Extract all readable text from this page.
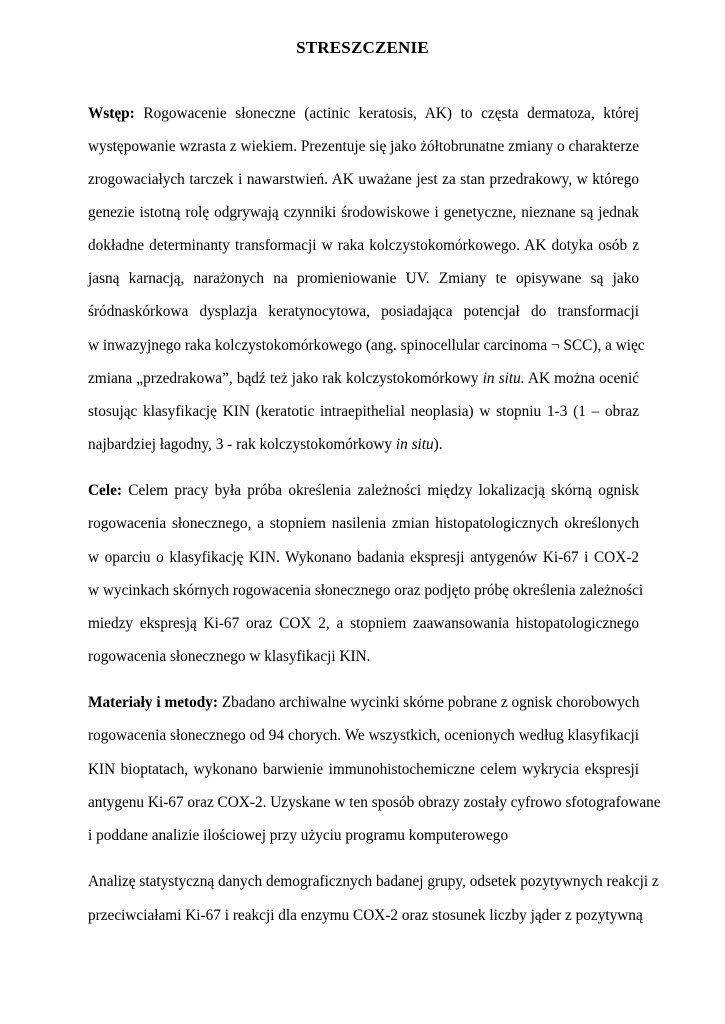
STRESZCZENIE
Wstęp: Rogowacenie słoneczne (actinic keratosis, AK) to częsta dermatoza, której
występowanie wzrasta z wiekiem. Prezentuje się jako żółtobrunatne zmiany o charakterze
zrogowaciałych tarczek i nawarstwień. AK uważane jest za stan przedrakowy, w którego
genezie istotną rolę odgrywają czynniki środowiskowe i genetyczne, nieznane są jednak
dokładne determinanty transformacji w raka kolczystokomórkowego. AK dotyka osób z
jasną karnacją, narażonych na promieniowanie UV. Zmiany te opisywane są jako
śródnaskórkowa dysplazja keratynocytowa, posiadająca potencjał do transformacji
w inwazyjnego raka kolczystokomórkowego (ang. spinocellular carcinoma ¬ SCC), a więc
zmiana „przedrakowa”, bądź też jako rak kolczystokomórkowy in situ. AK można ocenić
stosując klasyfikację KIN (keratotic intraepithelial neoplasia) w stopniu 1-3 (1 – obraz
najbardziej łagodny, 3 - rak kolczystokomórkowy in situ).
Cele: Celem pracy była próba określenia zależności między lokalizacją skórną ognisk
rogowacenia słonecznego, a stopniem nasilenia zmian histopatologicznych określonych
w oparciu o klasyfikację KIN. Wykonano badania ekspresji antygenów Ki-67 i COX-2
w wycinkach skórnych rogowacenia słonecznego oraz podjęto próbę określenia zależności
miedzy ekspresją Ki-67 oraz COX 2, a stopniem zaawansowania histopatologicznego
rogowacenia słonecznego w klasyfikacji KIN.
Materiały i metody: Zbadano archiwalne wycinki skórne pobrane z ognisk chorobowych
rogowacenia słonecznego od 94 chorych. We wszystkich, ocenionych według klasyfikacji
KIN bioptatach, wykonano barwienie immunohistochemiczne celem wykrycia ekspresji
antygenu Ki-67 oraz COX-2. Uzyskane w ten sposób obrazy zostały cyfrowo sfotografowane
i poddane analizie ilościowej przy użyciu programu komputerowego
Analizę statystyczną danych demograficznych badanej grupy, odsetek pozytywnych reakcji z
przeciwciałami Ki-67 i reakcji dla enzymu COX-2 oraz stosunek liczby jąder z pozytywną
